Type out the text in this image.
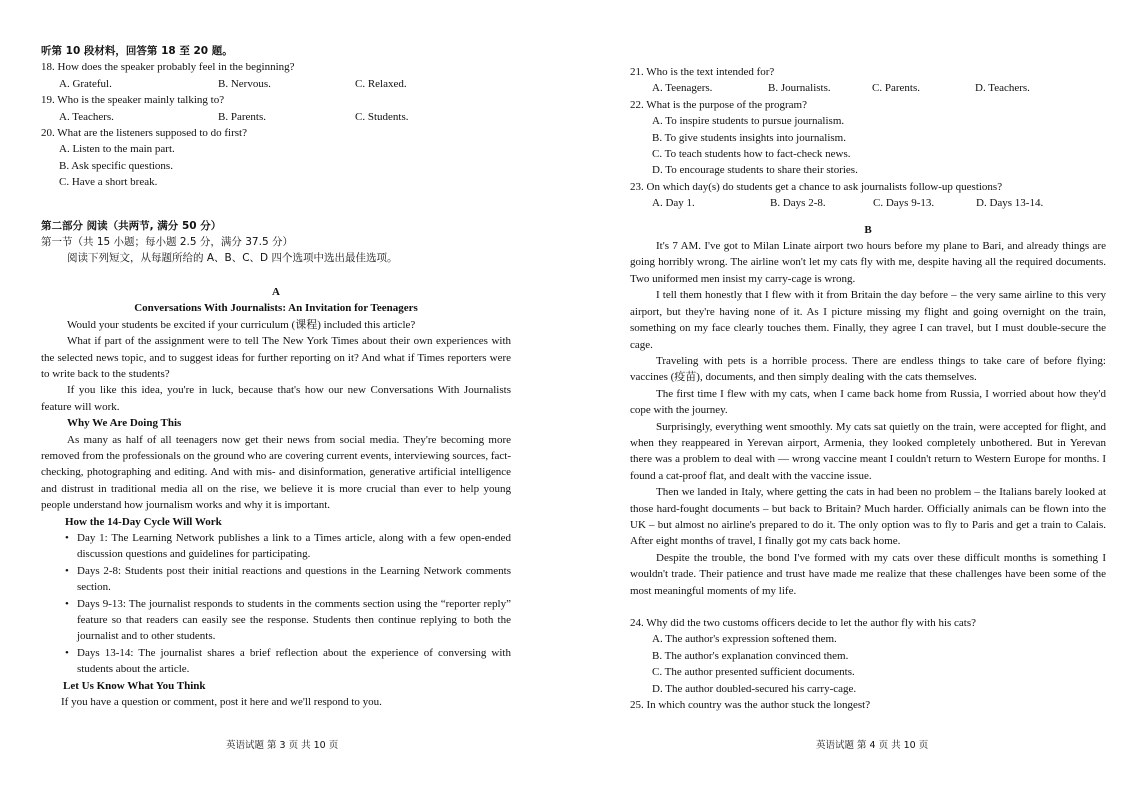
听第 10 段材料，回答第 18 至 20 题。
18. How does the speaker probably feel in the beginning?
A. Grateful.	B. Nervous.	C. Relaxed.
19. Who is the speaker mainly talking to?
A. Teachers.	B. Parents.	C. Students.
20. What are the listeners supposed to do first?
A. Listen to the main part.
B. Ask specific questions.
C. Have a short break.
第二部分 阅读（共两节, 满分 50 分）
第一节（共 15 小题；每小题 2.5 分，满分 37.5 分）
阅读下列短文，从每题所给的 A、B、C、D 四个选项中选出最佳选项。
A
Conversations With Journalists: An Invitation for Teenagers

Would your students be excited if your curriculum (课程) included this article?

What if part of the assignment were to tell The New York Times about their own experiences with the selected news topic, and to suggest ideas for further reporting on it? And what if Times reporters were to write back to the students?

If you like this idea, you're in luck, because that's how our new Conversations With Journalists feature will work.

Why We Are Doing This

As many as half of all teenagers now get their news from social media. They're becoming more removed from the professionals on the ground who are covering current events, interviewing sources, fact-checking, photographing and editing. And with mis- and disinformation, generative artificial intelligence and distrust in traditional media all on the rise, we believe it is more crucial than ever to help young people understand how journalism works and why it is important.

How the 14-Day Cycle Will Work
• Day 1: The Learning Network publishes a link to a Times article, along with a few open-ended discussion questions and guidelines for participating.
• Days 2-8: Students post their initial reactions and questions in the Learning Network comments section.
• Days 9-13: The journalist responds to students in the comments section using the “reporter reply” feature so that readers can easily see the response. Students then continue replying to both the journalist and to other students.
• Days 13-14: The journalist shares a brief reflection about the experience of conversing with students about the article.
Let Us Know What You Think
If you have a question or comment, post it here and we'll respond to you.
英语试题 第 3 页 共 10 页
21. Who is the text intended for?
A. Teenagers.	B. Journalists.	C. Parents.	D. Teachers.
22. What is the purpose of the program?
A. To inspire students to pursue journalism.
B. To give students insights into journalism.
C. To teach students how to fact-check news.
D. To encourage students to share their stories.
23. On which day(s) do students get a chance to ask journalists follow-up questions?
A. Day 1.	B. Days 2-8.	C. Days 9-13.	D. Days 13-14.
B

It's 7 AM. I've got to Milan Linate airport two hours before my plane to Bari, and already things are going horribly wrong. The airline won't let my cats fly with me, despite having all the required documents. Two uniformed men insist my carry-cage is wrong.

I tell them honestly that I flew with it from Britain the day before – the very same airline to this very airport, but they're having none of it. As I picture missing my flight and going overnight on the train, something on my face clearly touches them. Finally, they agree I can travel, but I must double-secure the cage.

Traveling with pets is a horrible process. There are endless things to take care of before flying: vaccines (疫苗), documents, and then simply dealing with the cats themselves.

The first time I flew with my cats, when I came back home from Russia, I worried about how they'd cope with the journey.

Surprisingly, everything went smoothly. My cats sat quietly on the train, were accepted for flight, and when they reappeared in Yerevan airport, Armenia, they looked completely unbothered. But in Yerevan there was a problem to deal with — wrong vaccine meant I couldn't return to Western Europe for months. I found a cat-proof flat, and dealt with the vaccine issue.

Then we landed in Italy, where getting the cats in had been no problem – the Italians barely looked at those hard-fought documents – but back to Britain? Much harder. Officially animals can be flown into the UK – but almost no airline's prepared to do it. The only option was to fly to Paris and get a train to Calais. After eight months of travel, I finally got my cats back home.

Despite the trouble, the bond I've formed with my cats over these difficult months is something I wouldn't trade. Their patience and trust have made me realize that these challenges have been some of the most meaningful moments of my life.

24. Why did the two customs officers decide to let the author fly with his cats?
A. The author's expression softened them.
B. The author's explanation convinced them.
C. The author presented sufficient documents.
D. The author doubled-secured his carry-cage.
25. In which country was the author stuck the longest?
英语试题 第 4 页 共 10 页
